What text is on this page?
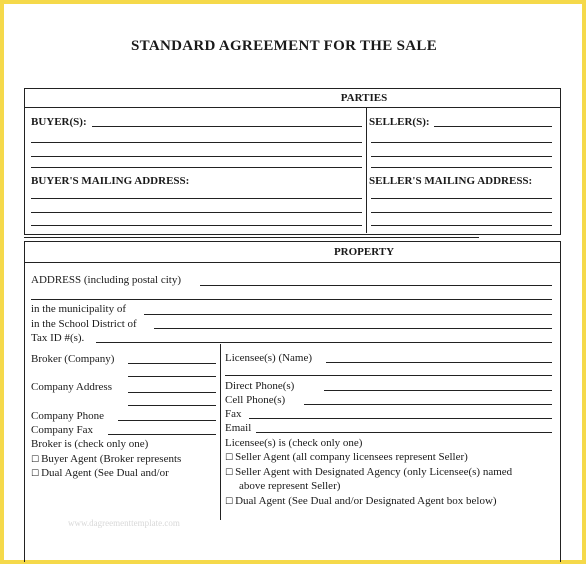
STANDARD AGREEMENT FOR THE SALE
PARTIES
BUYER(S):	SELLER(S):
BUYER'S MAILING ADDRESS:	SELLER'S MAILING ADDRESS:
PROPERTY
ADDRESS (including postal city)
in the municipality of
in the School District of
Tax ID #(s).
Broker (Company)
Company Address
Company Phone
Company Fax
Broker is (check only one)
☐ Buyer Agent (Broker represents
☐ Dual Agent (See Dual and/or
Licensee(s) (Name)
Direct Phone(s)
Cell Phone(s)
Fax
Email
Licensee(s) is (check only one)
☐ Seller Agent (all company licensees represent Seller)
☐ Seller Agent with Designated Agency (only Licensee(s) named
above represent Seller)
☐ Dual Agent (See Dual and/or Designated Agent box below)
www.dagreementtemplate.com
